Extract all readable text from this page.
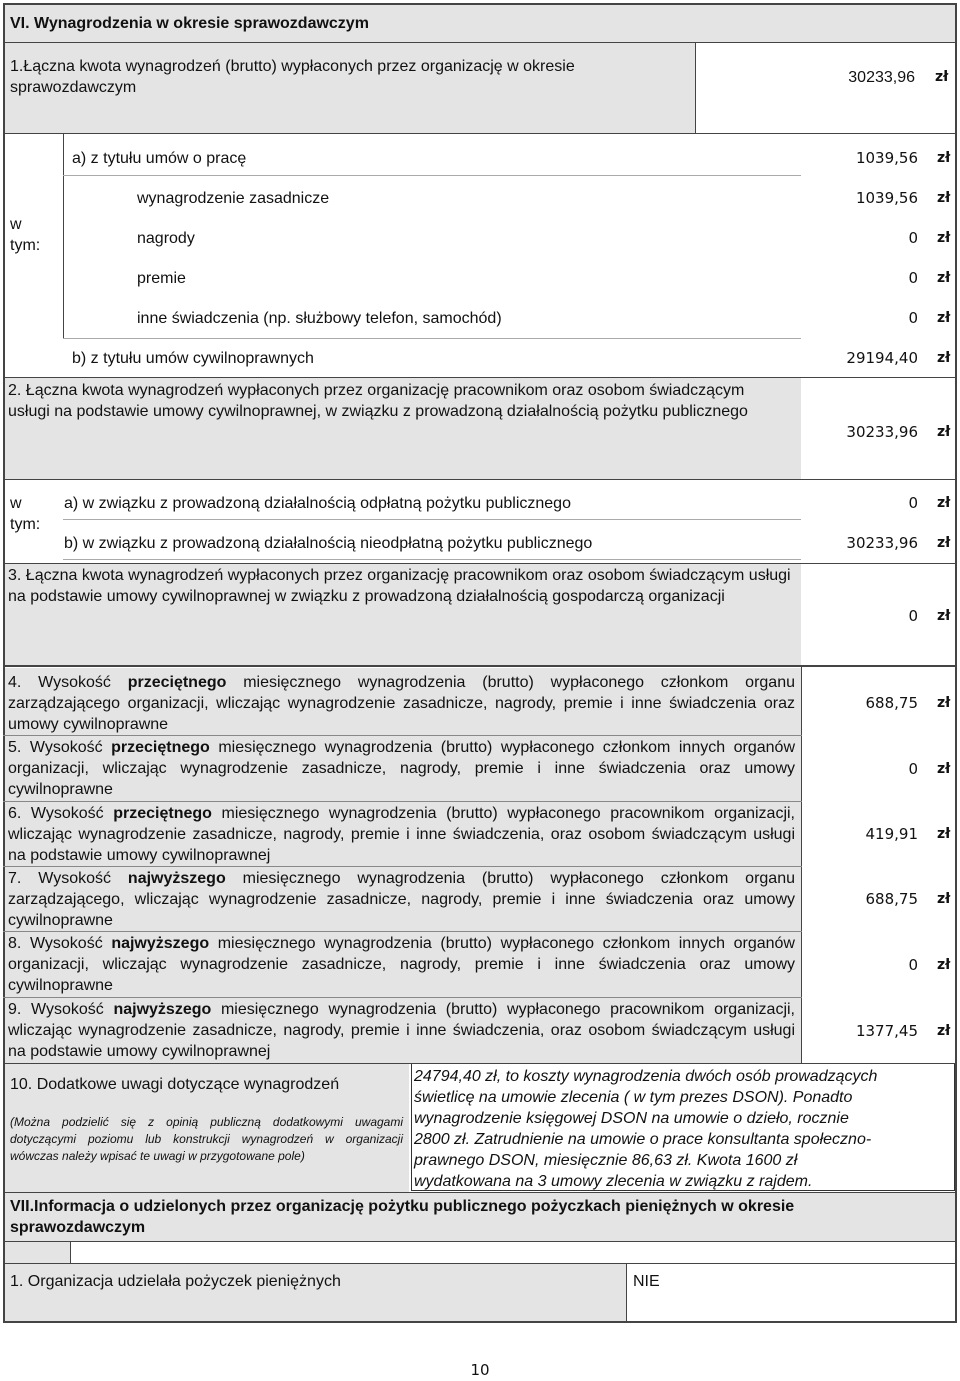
VI. Wynagrodzenia w okresie sprawozdawczym
1.Łączna kwota wynagrodzeń (brutto) wypłaconych przez organizację w okresie sprawozdawczym
30233,96 zł
w tym:
a) z tytułu umów o pracę	1039,56 zł
wynagrodzenie zasadnicze	1039,56 zł
nagrody	0 zł
premie	0 zł
inne świadczenia (np. służbowy telefon, samochód)	0 zł
b) z tytułu umów cywilnoprawnych	29194,40 zł
2. Łączna kwota wynagrodzeń wypłaconych przez organizację pracownikom oraz osobom świadczącym usługi na podstawie umowy cywilnoprawnej, w związku z prowadzoną działalnością pożytku publicznego
30233,96 zł
w tym:
a) w związku z prowadzoną działalnością odpłatną pożytku publicznego	0 zł
b) w związku z prowadzoną działalnością nieodpłatną pożytku publicznego	30233,96 zł
3. Łączna kwota wynagrodzeń wypłaconych przez organizację pracownikom oraz osobom świadczącym usługi na podstawie umowy cywilnoprawnej w związku z prowadzoną działalnością gospodarczą organizacji
0 zł
4. Wysokość przeciętnego miesięcznego wynagrodzenia (brutto) wypłaconego członkom organu zarządzającego organizacji, wliczając wynagrodzenie zasadnicze, nagrody, premie i inne świadczenia oraz umowy cywilnoprawne
688,75 zł
5. Wysokość przeciętnego miesięcznego wynagrodzenia (brutto) wypłaconego członkom innych organów organizacji, wliczając wynagrodzenie zasadnicze, nagrody, premie i inne świadczenia oraz umowy cywilnoprawne
0 zł
6. Wysokość przeciętnego miesięcznego wynagrodzenia (brutto) wypłaconego pracownikom organizacji, wliczając wynagrodzenie zasadnicze, nagrody, premie i inne świadczenia, oraz osobom świadczącym usługi na podstawie umowy cywilnoprawnej
419,91 zł
7. Wysokość najwyższego miesięcznego wynagrodzenia (brutto) wypłaconego członkom organu zarządzającego, wliczając wynagrodzenie zasadnicze, nagrody, premie i inne świadczenia oraz umowy cywilnoprawne
688,75 zł
8. Wysokość najwyższego miesięcznego wynagrodzenia (brutto) wypłaconego członkom innych organów organizacji, wliczając wynagrodzenie zasadnicze, nagrody, premie i inne świadczenia oraz umowy cywilnoprawne
0 zł
9. Wysokość najwyższego miesięcznego wynagrodzenia (brutto) wypłaconego pracownikom organizacji, wliczając wynagrodzenie zasadnicze, nagrody, premie i inne świadczenia, oraz osobom świadczącym usługi na podstawie umowy cywilnoprawnej
1377,45 zł
10. Dodatkowe uwagi dotyczące wynagrodzeń
(Można podzielić się z opinią publiczną dodatkowymi uwagami dotyczącymi poziomu lub konstrukcji wynagrodzeń w organizacji wówczas należy wpisać te uwagi w przygotowane pole)
24794,40 zł, to koszty wynagrodzenia dwóch osób prowadzących
świetlicę na umowie zlecenia ( w tym prezes DSON). Ponadto
wynagrodzenie księgowej DSON na umowie o dzieło, rocznie
2800 zł. Zatrudnienie na umowie o prace konsultanta społeczno-
prawnego DSON, miesięcznie 86,63 zł. Kwota 1600 zł
wydatkowana na 3 umowy zlecenia w związku z rajdem.
VII.Informacja o udzielonych przez organizację pożytku publicznego pożyczkach pieniężnych w okresie sprawozdawczym
1. Organizacja udzielała pożyczek pieniężnych	NIE
10
